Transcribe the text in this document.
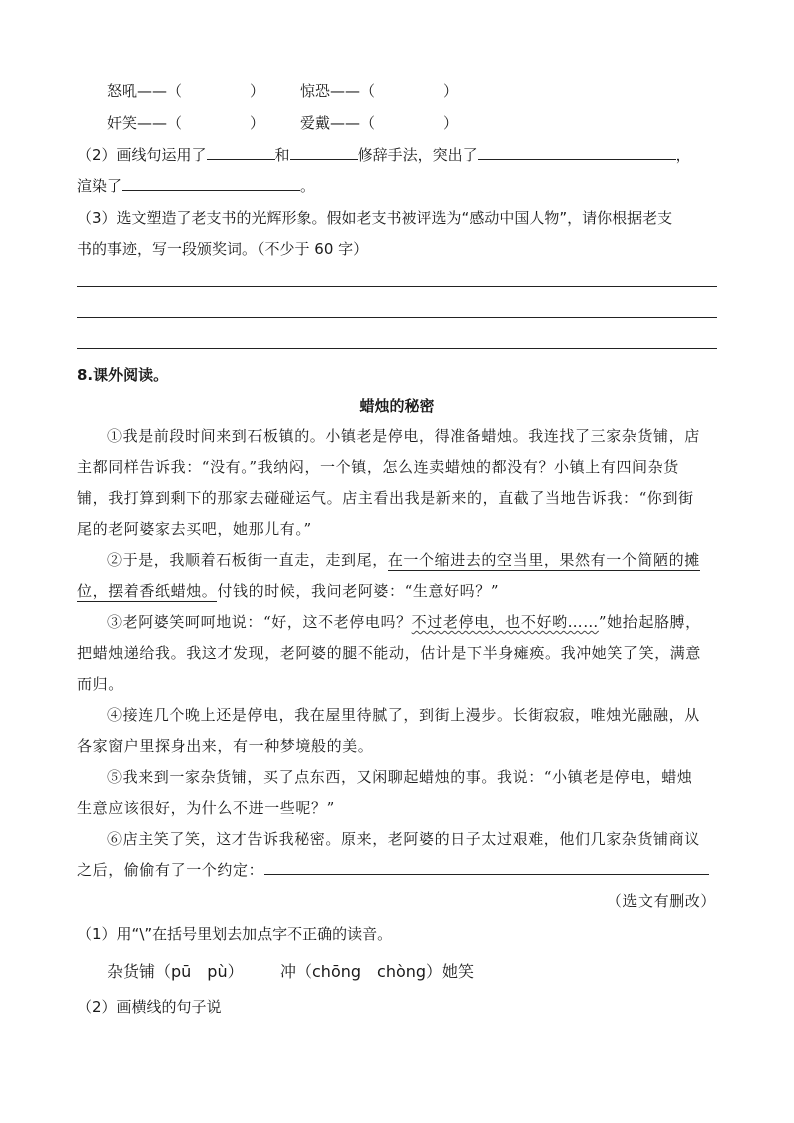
怒吼——（	） 惊恐——（	）
奸笑——（	） 爱戴——（	）
（2）画线句运用了	和	修辞手法，突出了	，
渲染了	。
（3）选文塑造了老支书的光辉形象。假如老支书被评选为“感动中国人物”，请你根据老支
书的事迹，写一段颁奖词。（不少于 60 字）
8.课外阅读。
蜡烛的秘密
①我是前段时间来到石板镇的。小镇老是停电，得准备蜡烛。我连找了三家杂货铺，店
主都同样告诉我：“没有。”我纳闷，一个镇，怎么连卖蜡烛的都没有？小镇上有四间杂货
铺，我打算到剩下的那家去碰碰运气。店主看出我是新来的，直截了当地告诉我：“你到街
尾的老阿婆家去买吧，她那儿有。”
②于是，我顺着石板街一直走，走到尾，在一个缩进去的空当里，果然有一个简陋的摊
位，摆着香纸蜡烛。付钱的时候，我问老阿婆：“生意好吗？”
③老阿婆笑呵呵地说：“好，这不老停电吗？不过老停电，也不好哟……”她抬起胳膊，
把蜡烛递给我。我这才发现，老阿婆的腿不能动，估计是下半身瘫痪。我冲她笑了笑，满意
而归。
④接连几个晚上还是停电，我在屋里待腻了，到街上漫步。长街寂寂，唯烛光融融，从
各家窗户里探身出来，有一种梦境般的美。
⑤我来到一家杂货铺，买了点东西，又闲聊起蜡烛的事。我说：“小镇老是停电，蜡烛
生意应该很好，为什么不进一些呢？”
⑥店主笑了笑，这才告诉我秘密。原来，老阿婆的日子太过艰难，他们几家杂货铺商议
之后，偷偷有了一个约定：
（选文有删改）
（1）用“\”在括号里划去加点字不正确的读音。
杂货铺（pū　pù） 冲（chōng　chòng）她笑
（2）画横线的句子说
